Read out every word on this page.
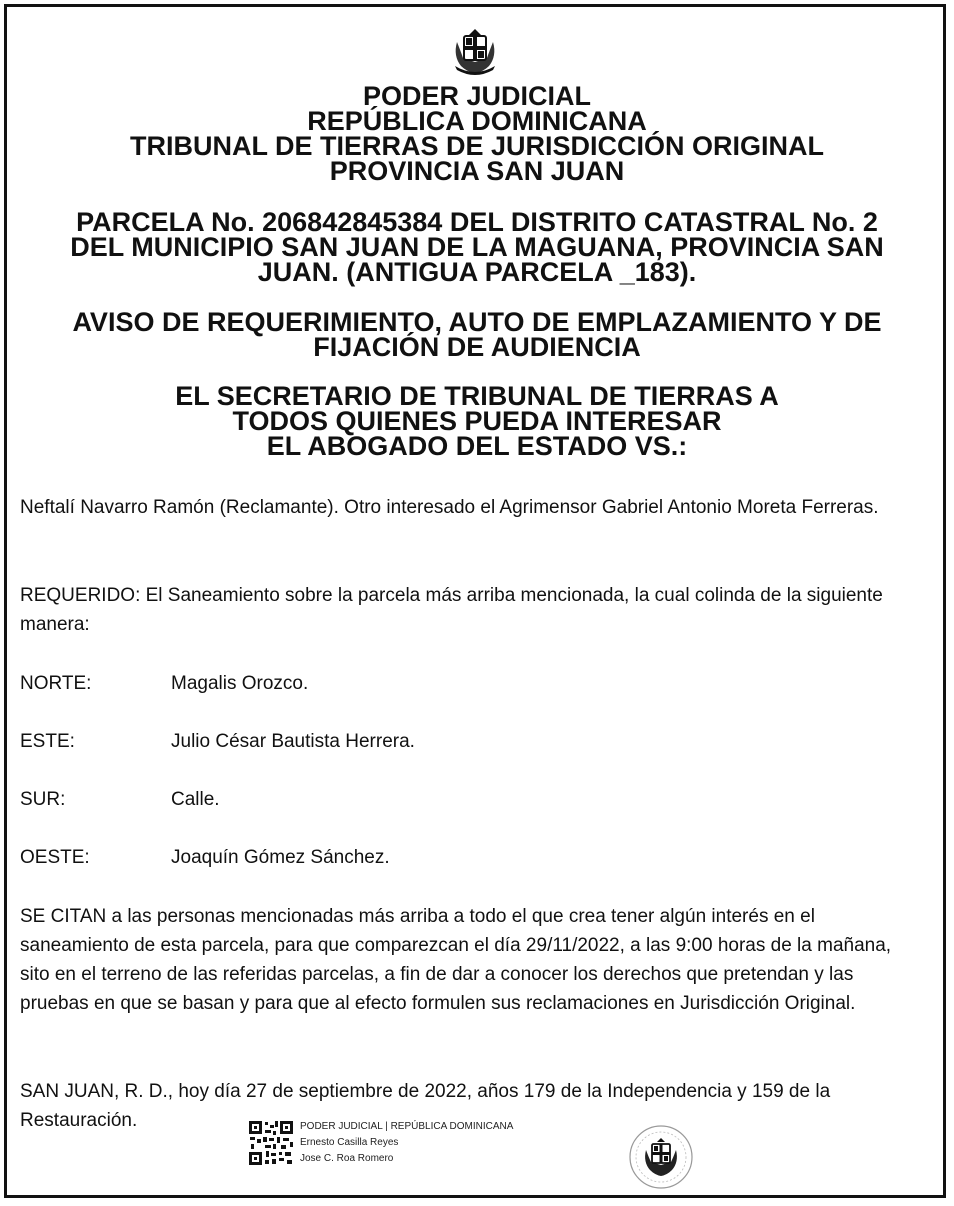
PODER JUDICIAL
REPÚBLICA DOMINICANA
TRIBUNAL DE TIERRAS DE JURISDICCIÓN ORIGINAL
PROVINCIA SAN JUAN
PARCELA No. 206842845384 DEL DISTRITO CATASTRAL No. 2
DEL MUNICIPIO SAN JUAN DE LA MAGUANA, PROVINCIA SAN
JUAN. (ANTIGUA PARCELA _183).
AVISO DE REQUERIMIENTO, AUTO DE EMPLAZAMIENTO Y DE
FIJACIÓN DE AUDIENCIA
EL SECRETARIO DE TRIBUNAL DE TIERRAS A
TODOS QUIENES PUEDA INTERESAR
EL ABOGADO DEL ESTADO VS.:
Neftalí Navarro Ramón (Reclamante). Otro interesado el Agrimensor Gabriel Antonio Moreta Ferreras.
REQUERIDO: El Saneamiento sobre la parcela más arriba mencionada, la cual colinda de la siguiente manera:
NORTE:	Magalis Orozco.
ESTE:	Julio César Bautista Herrera.
SUR:	Calle.
OESTE:	Joaquín Gómez Sánchez.
SE CITAN a las personas mencionadas más arriba a todo el que crea tener algún interés en el saneamiento de esta parcela, para que comparezcan el día 29/11/2022, a las 9:00 horas de la mañana, sito en el terreno de las referidas parcelas, a fin de dar a conocer los derechos que pretendan y las pruebas en que se basan y para que al efecto formulen sus reclamaciones en Jurisdicción Original.
SAN JUAN, R. D., hoy día 27 de septiembre de 2022, años 179 de la Independencia y 159 de la Restauración.	PODER JUDICIAL | REPÚBLICA DOMINICANA
Ernesto Casilla Reyes
Jose C. Roa Romero
